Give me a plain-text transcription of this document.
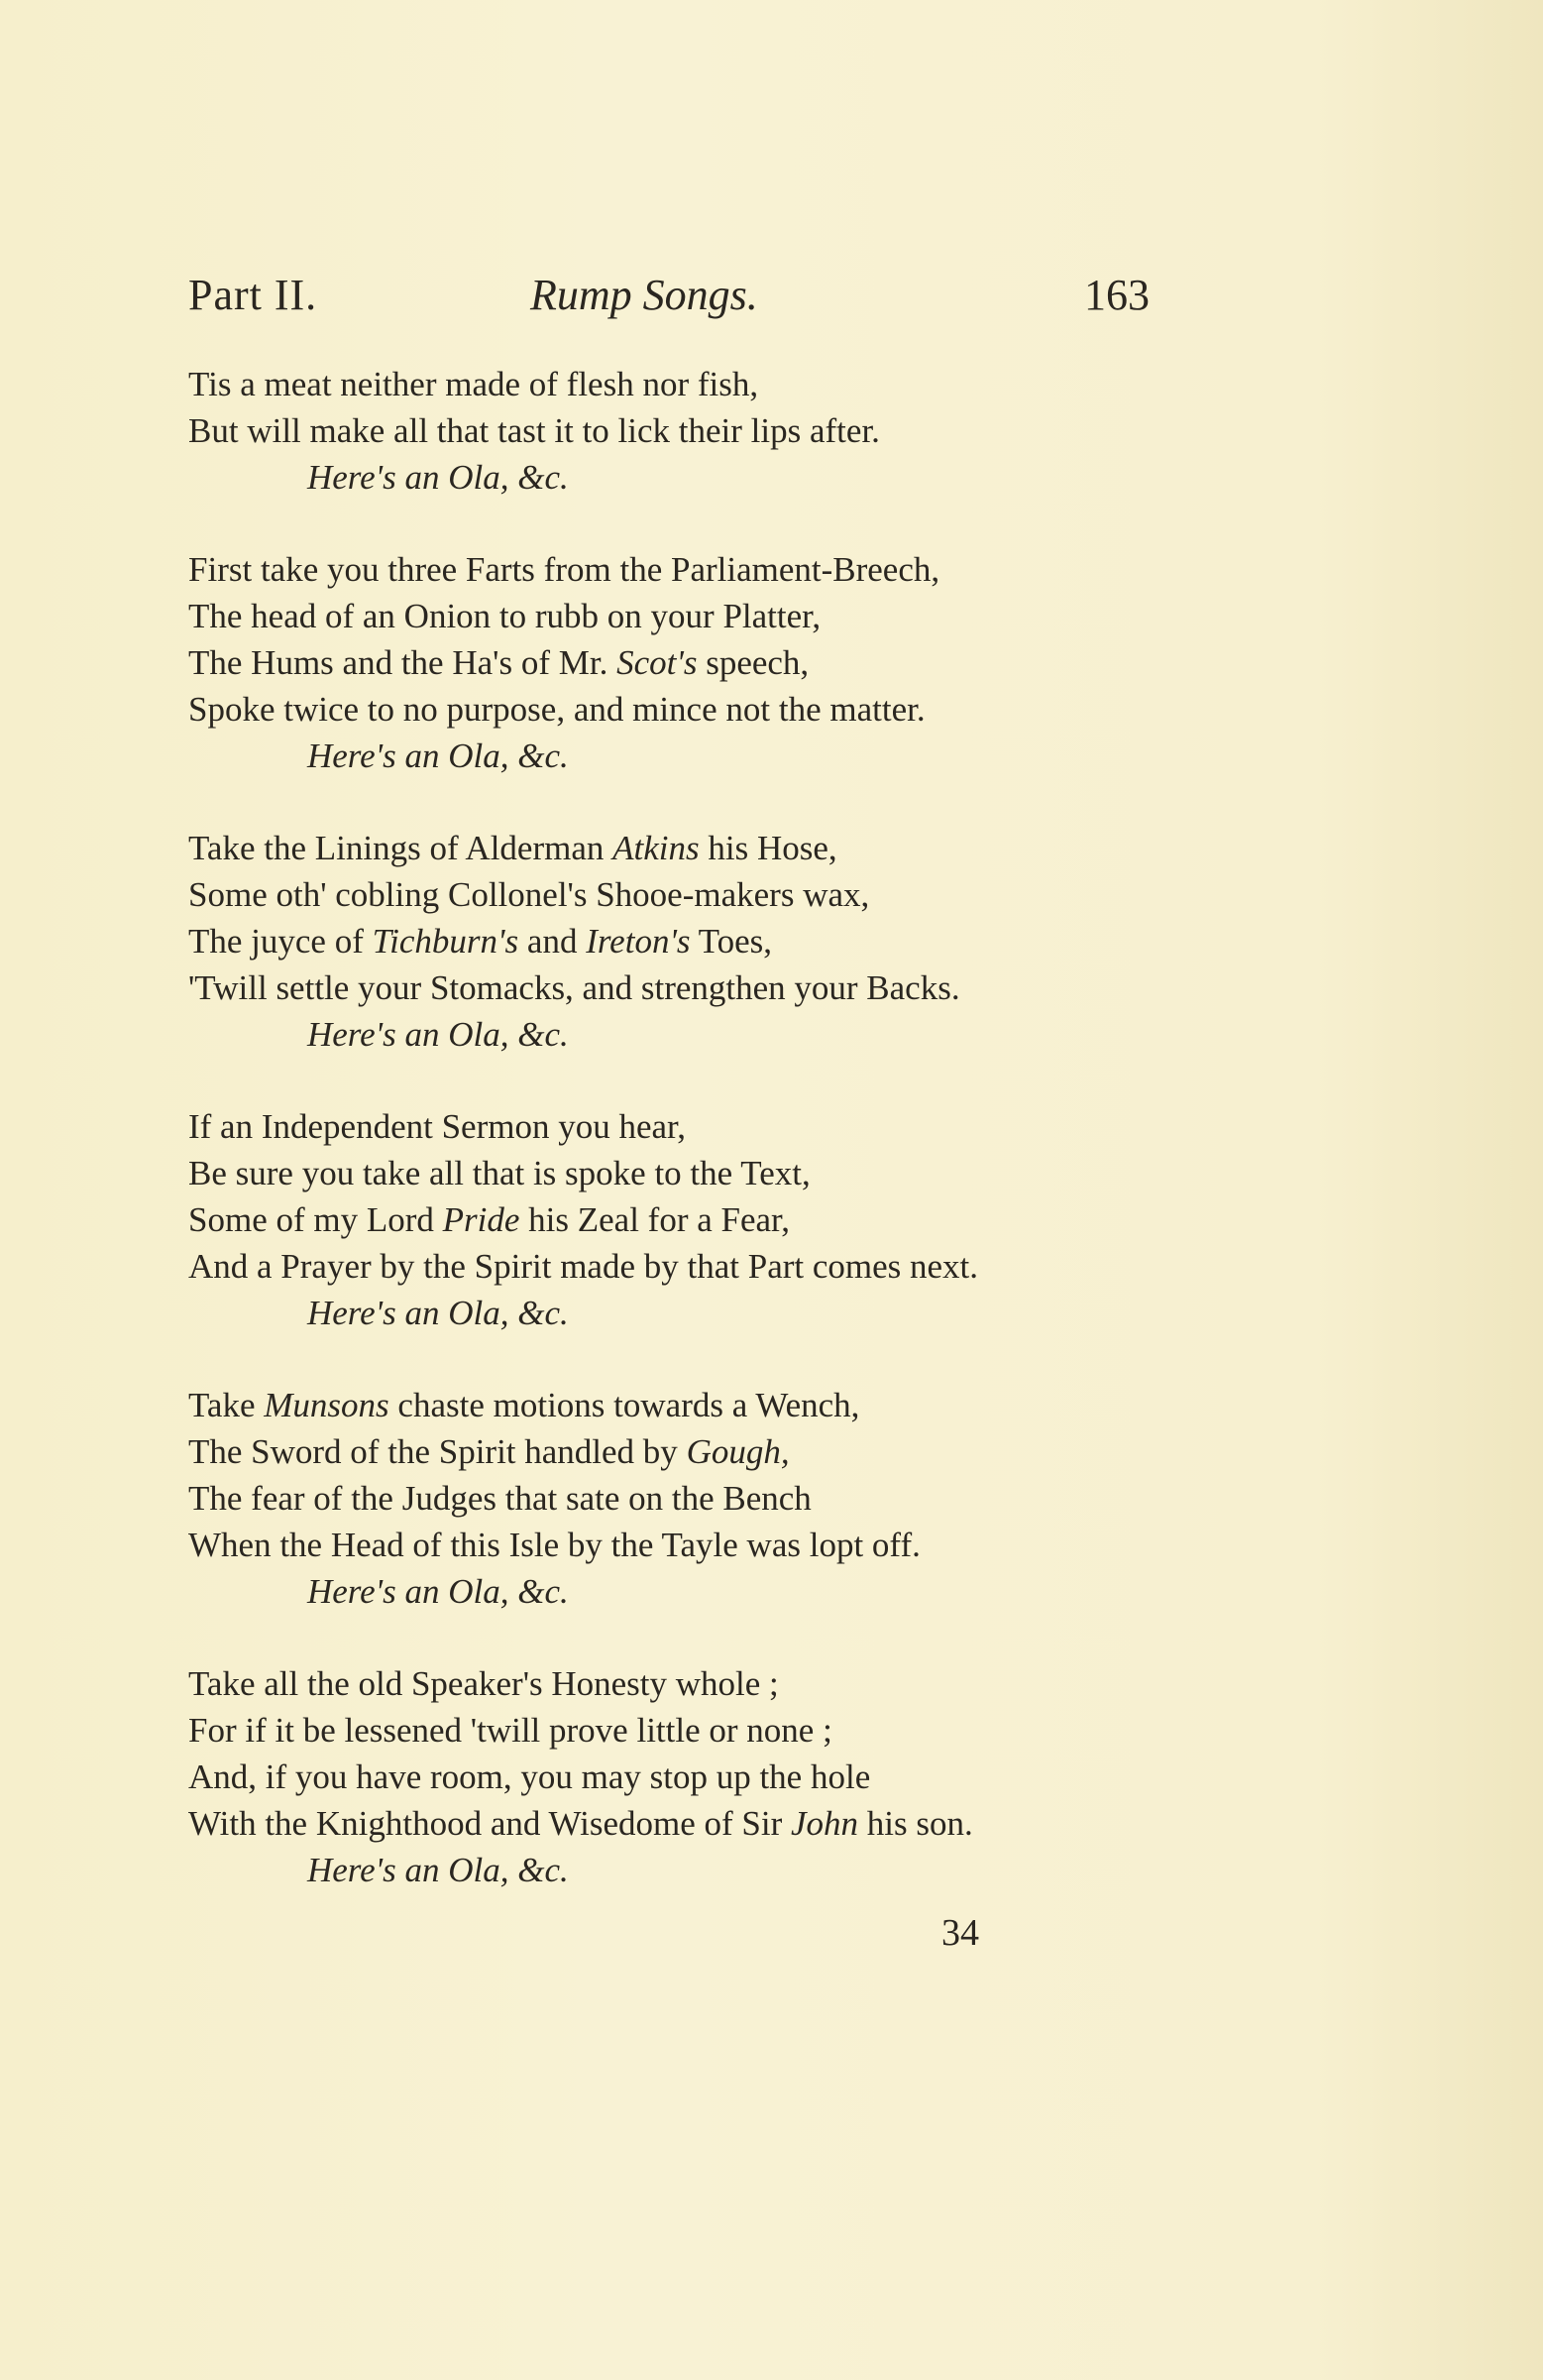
Part II.	Rump Songs.	163
Tis a meat neither made of flesh nor fish,
But will make all that tast it to lick their lips after.
Here's an Ola, &c.
First take you three Farts from the Parliament-Breech,
The head of an Onion to rubb on your Platter,
The Hums and the Ha's of Mr. Scot's speech,
Spoke twice to no purpose, and mince not the matter.
Here's an Ola, &c.
Take the Linings of Alderman Atkins his Hose,
Some oth' cobling Collonel's Shooe-makers wax,
The juyce of Tichburn's and Ireton's Toes,
'Twill settle your Stomacks, and strengthen your Backs.
Here's an Ola, &c.
If an Independent Sermon you hear,
Be sure you take all that is spoke to the Text,
Some of my Lord Pride his Zeal for a Fear,
And a Prayer by the Spirit made by that Part comes next.
Here's an Ola, &c.
Take Munsons chaste motions towards a Wench,
The Sword of the Spirit handled by Gough,
The fear of the Judges that sate on the Bench
When the Head of this Isle by the Tayle was lopt off.
Here's an Ola, &c.
Take all the old Speaker's Honesty whole ;
For if it be lessened 'twill prove little or none ;
And, if you have room, you may stop up the hole
With the Knighthood and Wisedome of Sir John his son.
Here's an Ola, &c.
34
